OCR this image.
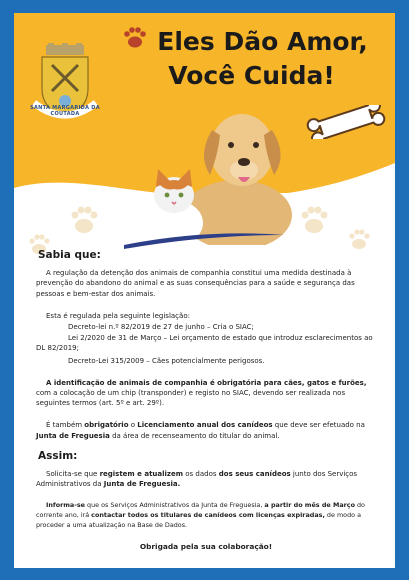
SANTA MARGARIDA DA COUTADA
Eles Dão Amor,
Você Cuida!

Sabia que:

A regulação da detenção dos animais de companhia constitui uma medida destinada à prevenção do abandono do animal e as suas consequências para a saúde e segurança das pessoas e bem-estar dos animais.

Esta é regulada pela seguinte legislação:

Decreto-lei n.º 82/2019 de 27 de junho – Cria o SIAC;

Lei 2/2020 de 31 de Março – Lei orçamento de estado que introduz esclarecimentos ao DL 82/2019;

Decreto-Lei 315/2009 – Cães potencialmente perigosos.

A identificação de animais de companhia é obrigatória para cães, gatos e furões, com a colocação de um chip (transponder) e registo no SIAC, devendo ser realizada nos seguintes termos (art. 5º e art. 29º).

É também obrigatório o Licenciamento anual dos canídeos que deve ser efetuado na Junta de Freguesia da área de recenseamento do titular do animal.

Assim:

Solicita-se que registem e atualizem os dados dos seus canídeos junto dos Serviços Administrativos da Junta de Freguesia.

Informa-se que os Serviços Administrativos da Junta de Freguesia, a partir do mês de Março do corrente ano, irá contactar todos os titulares de canídeos com licenças expiradas, de modo a proceder a uma atualização na Base de Dados.

Obrigada pela sua colaboração!
